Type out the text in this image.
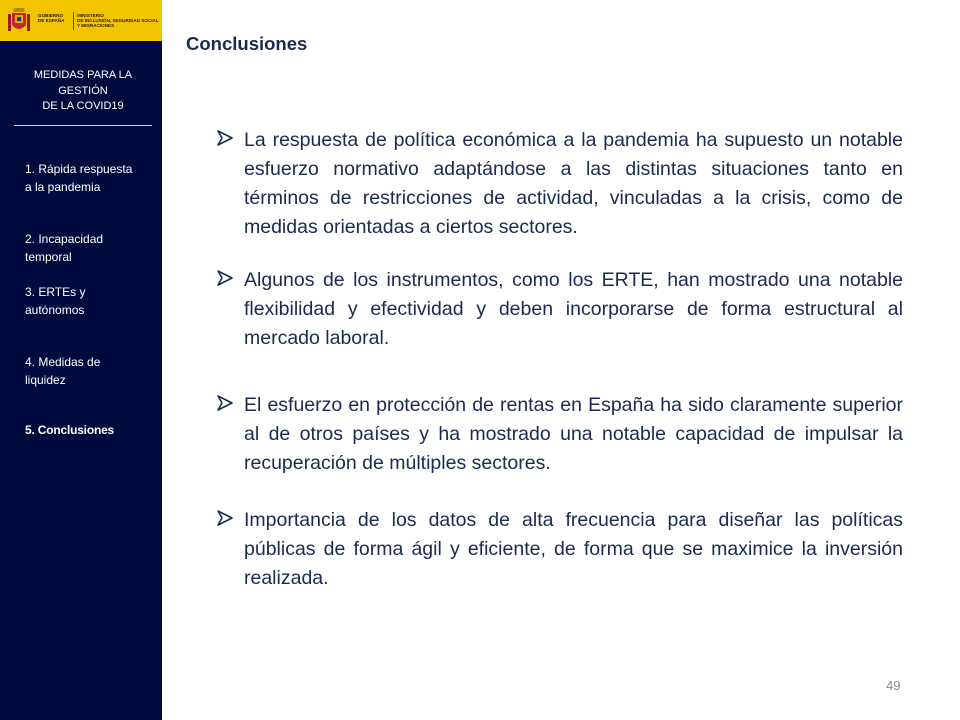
GOBIERNO
DE ESPAÑA
MINISTERIO
DE INCLUSIÓN, SEGURIDAD SOCIAL
Y MIGRACIONES
MEDIDAS PARA LA
GESTIÓN
DE LA COVID19
1. Rápida respuesta
a la pandemia
2. Incapacidad
temporal
3. ERTEs y
autónomos
4. Medidas de
liquidez
5. Conclusiones
Conclusiones
La respuesta de política económica a la pandemia ha supuesto un notable esfuerzo normativo adaptándose a las distintas situaciones tanto en términos de restricciones de actividad, vinculadas a la crisis, como de medidas orientadas a ciertos sectores.
Algunos de los instrumentos, como los ERTE, han mostrado una notable flexibilidad y efectividad y deben incorporarse de forma estructural al mercado laboral.
El esfuerzo en protección de rentas en España ha sido claramente superior al de otros países y ha mostrado una notable capacidad de impulsar la recuperación de múltiples sectores.
Importancia de los datos de alta frecuencia para diseñar las políticas públicas de forma ágil y eficiente, de forma que se maximice la inversión realizada.
49
